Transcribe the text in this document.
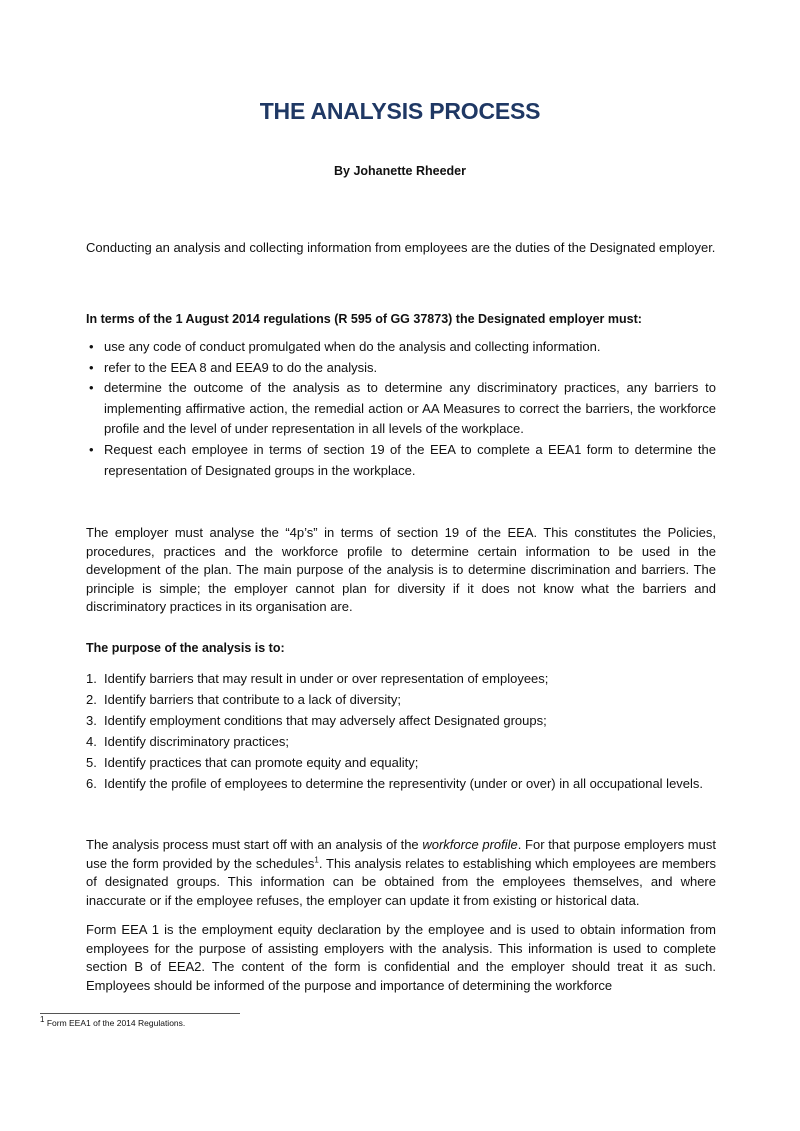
THE ANALYSIS PROCESS

By Johanette Rheeder

Conducting an analysis and collecting information from employees are the duties of the Designated employer.

In terms of the 1 August 2014 regulations (R 595 of GG 37873) the Designated employer must:

• use any code of conduct promulgated when do the analysis and collecting information.
• refer to the EEA 8 and EEA9 to do the analysis.
• determine the outcome of the analysis as to determine any discriminatory practices, any barriers to implementing affirmative action, the remedial action or AA Measures to correct the barriers, the workforce profile and the level of under representation in all levels of the workplace.
• Request each employee in terms of section 19 of the EEA to complete a EEA1 form to determine the representation of Designated groups in the workplace.

The employer must analyse the “4p’s” in terms of section 19 of the EEA. This constitutes the Policies, procedures, practices and the workforce profile to determine certain information to be used in the development of the plan. The main purpose of the analysis is to determine discrimination and barriers. The principle is simple; the employer cannot plan for diversity if it does not know what the barriers and discriminatory practices in its organisation are.

The purpose of the analysis is to:

1. Identify barriers that may result in under or over representation of employees;
2. Identify barriers that contribute to a lack of diversity;
3. Identify employment conditions that may adversely affect Designated groups;
4. Identify discriminatory practices;
5. Identify practices that can promote equity and equality;
6. Identify the profile of employees to determine the representivity (under or over) in all occupational levels.

The analysis process must start off with an analysis of the workforce profile. For that purpose employers must use the form provided by the schedules$^1$. This analysis relates to establishing which employees are members of designated groups. This information can be obtained from the employees themselves, and where inaccurate or if the employee refuses, the employer can update it from existing or historical data.

Form EEA 1 is the employment equity declaration by the employee and is used to obtain information from employees for the purpose of assisting employers with the analysis. This information is used to complete section B of EEA2. The content of the form is confidential and the employer should treat it as such. Employees should be informed of the purpose and importance of determining the workforce

$^1$ Form EEA1 of the 2014 Regulations.
